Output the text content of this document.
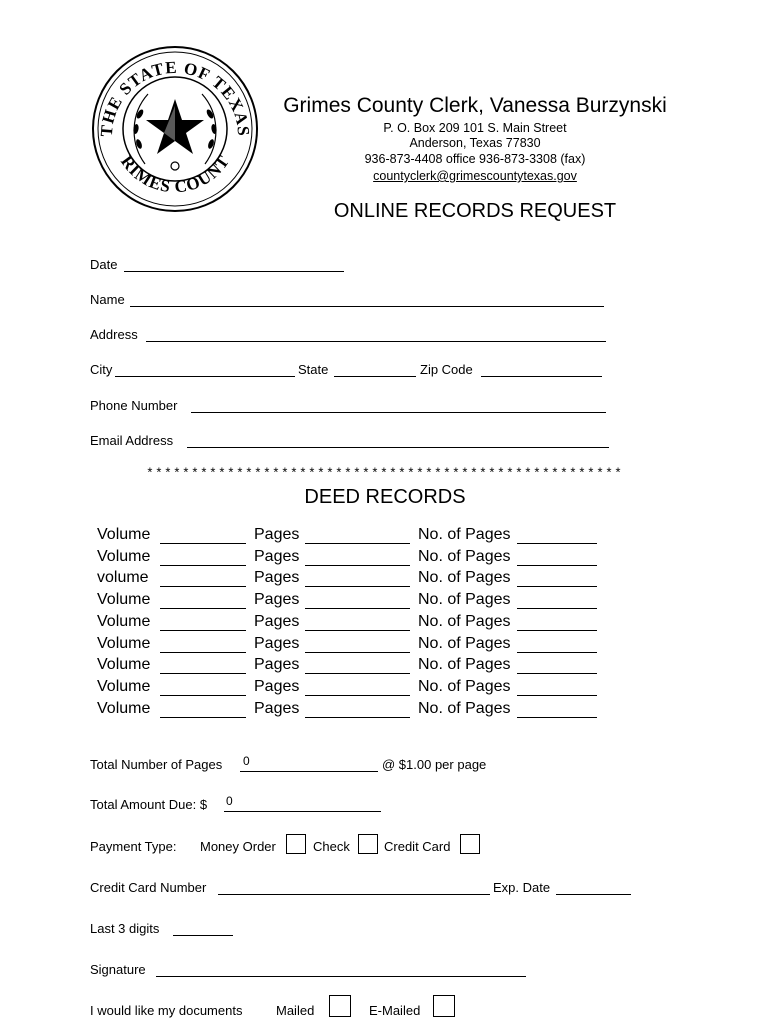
THE STATE OF TEXAS
RIMES COUNT
Grimes County Clerk, Vanessa Burzynski
P. O. Box 209 101 S. Main Street
Anderson, Texas 77830
936-873-4408 office 936-873-3308 (fax)
countyclerk@grimescountytexas.gov
ONLINE RECORDS REQUEST
Date
Name
Address
City	State	Zip Code
Phone Number
Email Address
*****************************************************
DEED RECORDS
Volume	Pages	No. of Pages
Volume	Pages	No. of Pages
volume	Pages	No. of Pages
Volume	Pages	No. of Pages
Volume	Pages	No. of Pages
Volume	Pages	No. of Pages
Volume	Pages	No. of Pages
Volume	Pages	No. of Pages
Volume	Pages	No. of Pages
Total Number of Pages 0	@ $1.00 per page
Total Amount Due: $ 0
Payment Type: Money Order	Check	Credit Card
Credit Card Number	Exp. Date
Last 3 digits
Signature
I would like my documents	Mailed	E-Mailed
